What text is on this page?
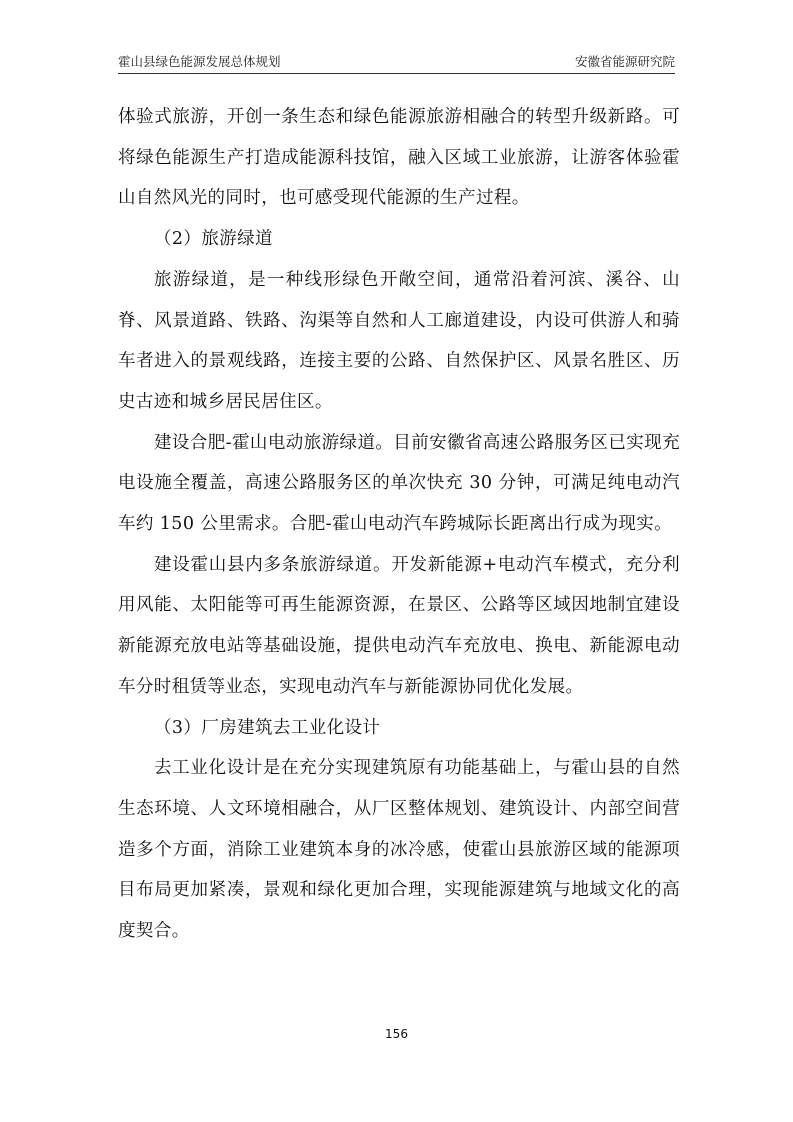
霍山县绿色能源发展总体规划	安徽省能源研究院

体验式旅游，开创一条生态和绿色能源旅游相融合的转型升级新路。可将绿色能源生产打造成能源科技馆，融入区域工业旅游，让游客体验霍山自然风光的同时，也可感受现代能源的生产过程。

（2）旅游绿道

旅游绿道，是一种线形绿色开敞空间，通常沿着河滨、溪谷、山脊、风景道路、铁路、沟渠等自然和人工廊道建设，内设可供游人和骑车者进入的景观线路，连接主要的公路、自然保护区、风景名胜区、历史古迹和城乡居民居住区。

建设合肥-霍山电动旅游绿道。目前安徽省高速公路服务区已实现充电设施全覆盖，高速公路服务区的单次快充 30 分钟，可满足纯电动汽车约 150 公里需求。合肥-霍山电动汽车跨城际长距离出行成为现实。

建设霍山县内多条旅游绿道。开发新能源+电动汽车模式，充分利用风能、太阳能等可再生能源资源，在景区、公路等区域因地制宜建设新能源充放电站等基础设施，提供电动汽车充放电、换电、新能源电动车分时租赁等业态，实现电动汽车与新能源协同优化发展。

（3）厂房建筑去工业化设计

去工业化设计是在充分实现建筑原有功能基础上，与霍山县的自然生态环境、人文环境相融合，从厂区整体规划、建筑设计、内部空间营造多个方面，消除工业建筑本身的冰冷感，使霍山县旅游区域的能源项目布局更加紧凑，景观和绿化更加合理，实现能源建筑与地域文化的高度契合。

156
